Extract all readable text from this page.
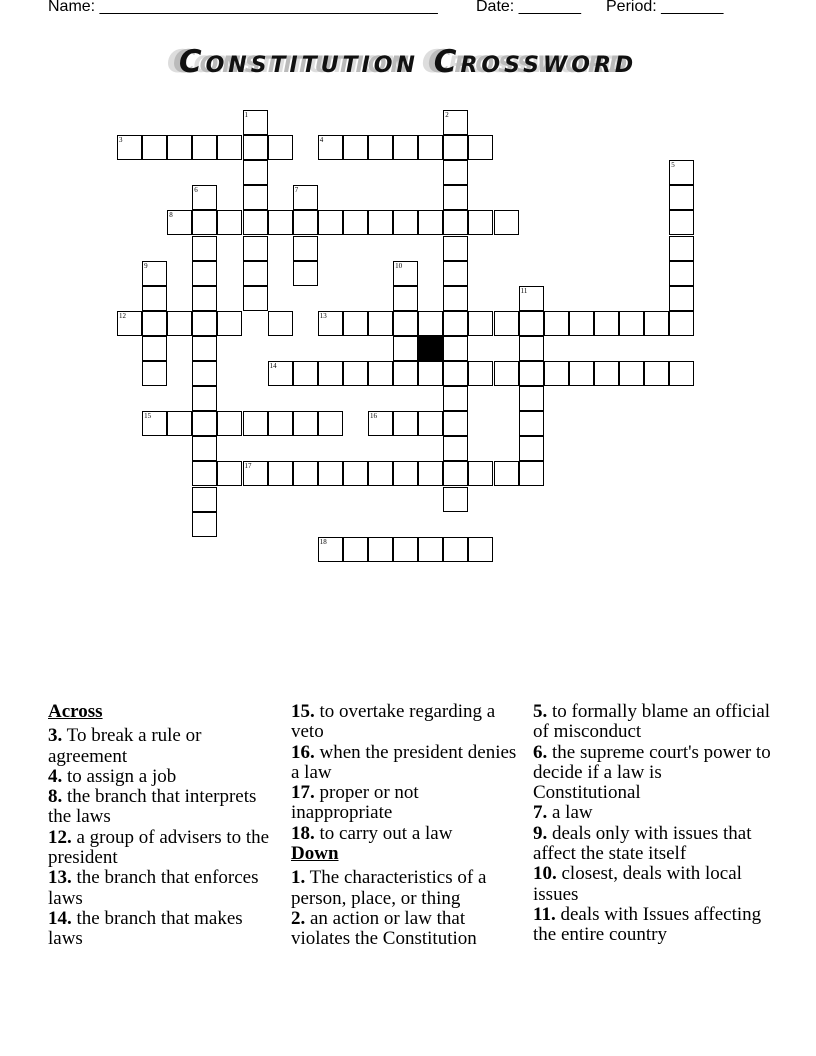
Name: ______________________________________ Date: _______ Period: _______
Constitution Crossword
1	2
3	4
5
6	7
8
9	10
11
12	13
14
15	16
17
18
Across
3. To break a rule or agreement
4. to assign a job
8. the branch that interprets the laws
12. a group of advisers to the president
13. the branch that enforces laws
14. the branch that makes laws
15. to overtake regarding a veto
16. when the president denies a law
17. proper or not inappropriate
18. to carry out a law
Down
1. The characteristics of a person, place, or thing
2. an action or law that violates the Constitution
5. to formally blame an official of misconduct
6. the supreme court's power to decide if a law is Constitutional
7. a law
9. deals only with issues that affect the state itself
10. closest, deals with local issues
11. deals with Issues affecting the entire country
